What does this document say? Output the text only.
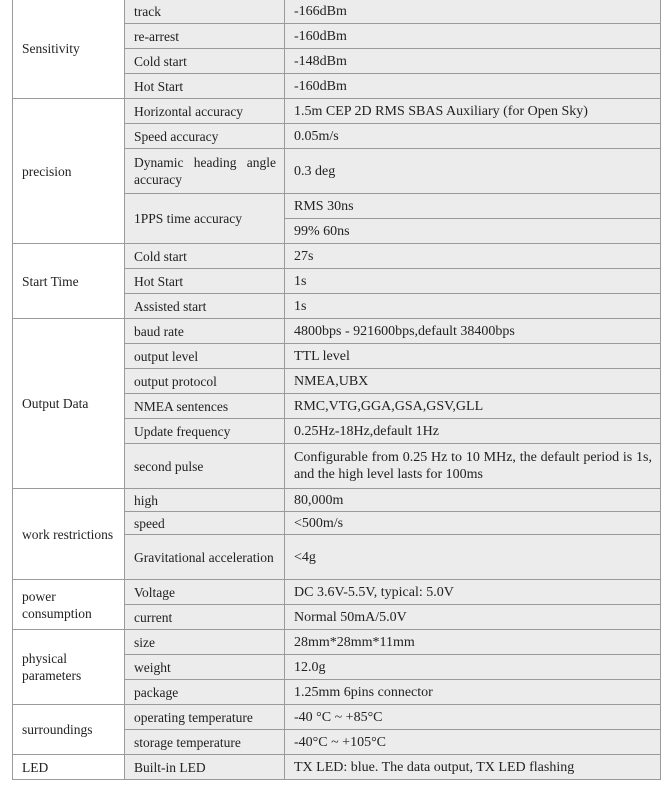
Sensitivity	track	-166dBm
	re-arrest	-160dBm
	Cold start	-148dBm
	Hot Start	-160dBm
precision	Horizontal accuracy	1.5m CEP 2D RMS SBAS Auxiliary (for Open Sky)
	Speed accuracy	0.05m/s
	Dynamic heading angle accuracy	0.3 deg
	1PPS time accuracy	RMS 30ns
		99% 60ns
Start Time	Cold start	27s
	Hot Start	1s
	Assisted start	1s
Output Data	baud rate	4800bps - 921600bps,default 38400bps
	output level	TTL level
	output protocol	NMEA,UBX
	NMEA sentences	RMC,VTG,GGA,GSA,GSV,GLL
	Update frequency	0.25Hz-18Hz,default 1Hz
	second pulse	Configurable from 0.25 Hz to 10 MHz, the default period is 1s, and the high level lasts for 100ms
work restrictions	high	80,000m
	speed	<500m/s
	Gravitational acceleration	<4g
power consumption	Voltage	DC 3.6V-5.5V, typical: 5.0V
	current	Normal 50mA/5.0V
physical parameters	size	28mm*28mm*11mm
	weight	12.0g
	package	1.25mm 6pins connector
surroundings	operating temperature	-40 °C ~ +85°C
	storage temperature	-40°C ~ +105°C
LED	Built-in LED	TX LED: blue. The data output, TX LED flashing
